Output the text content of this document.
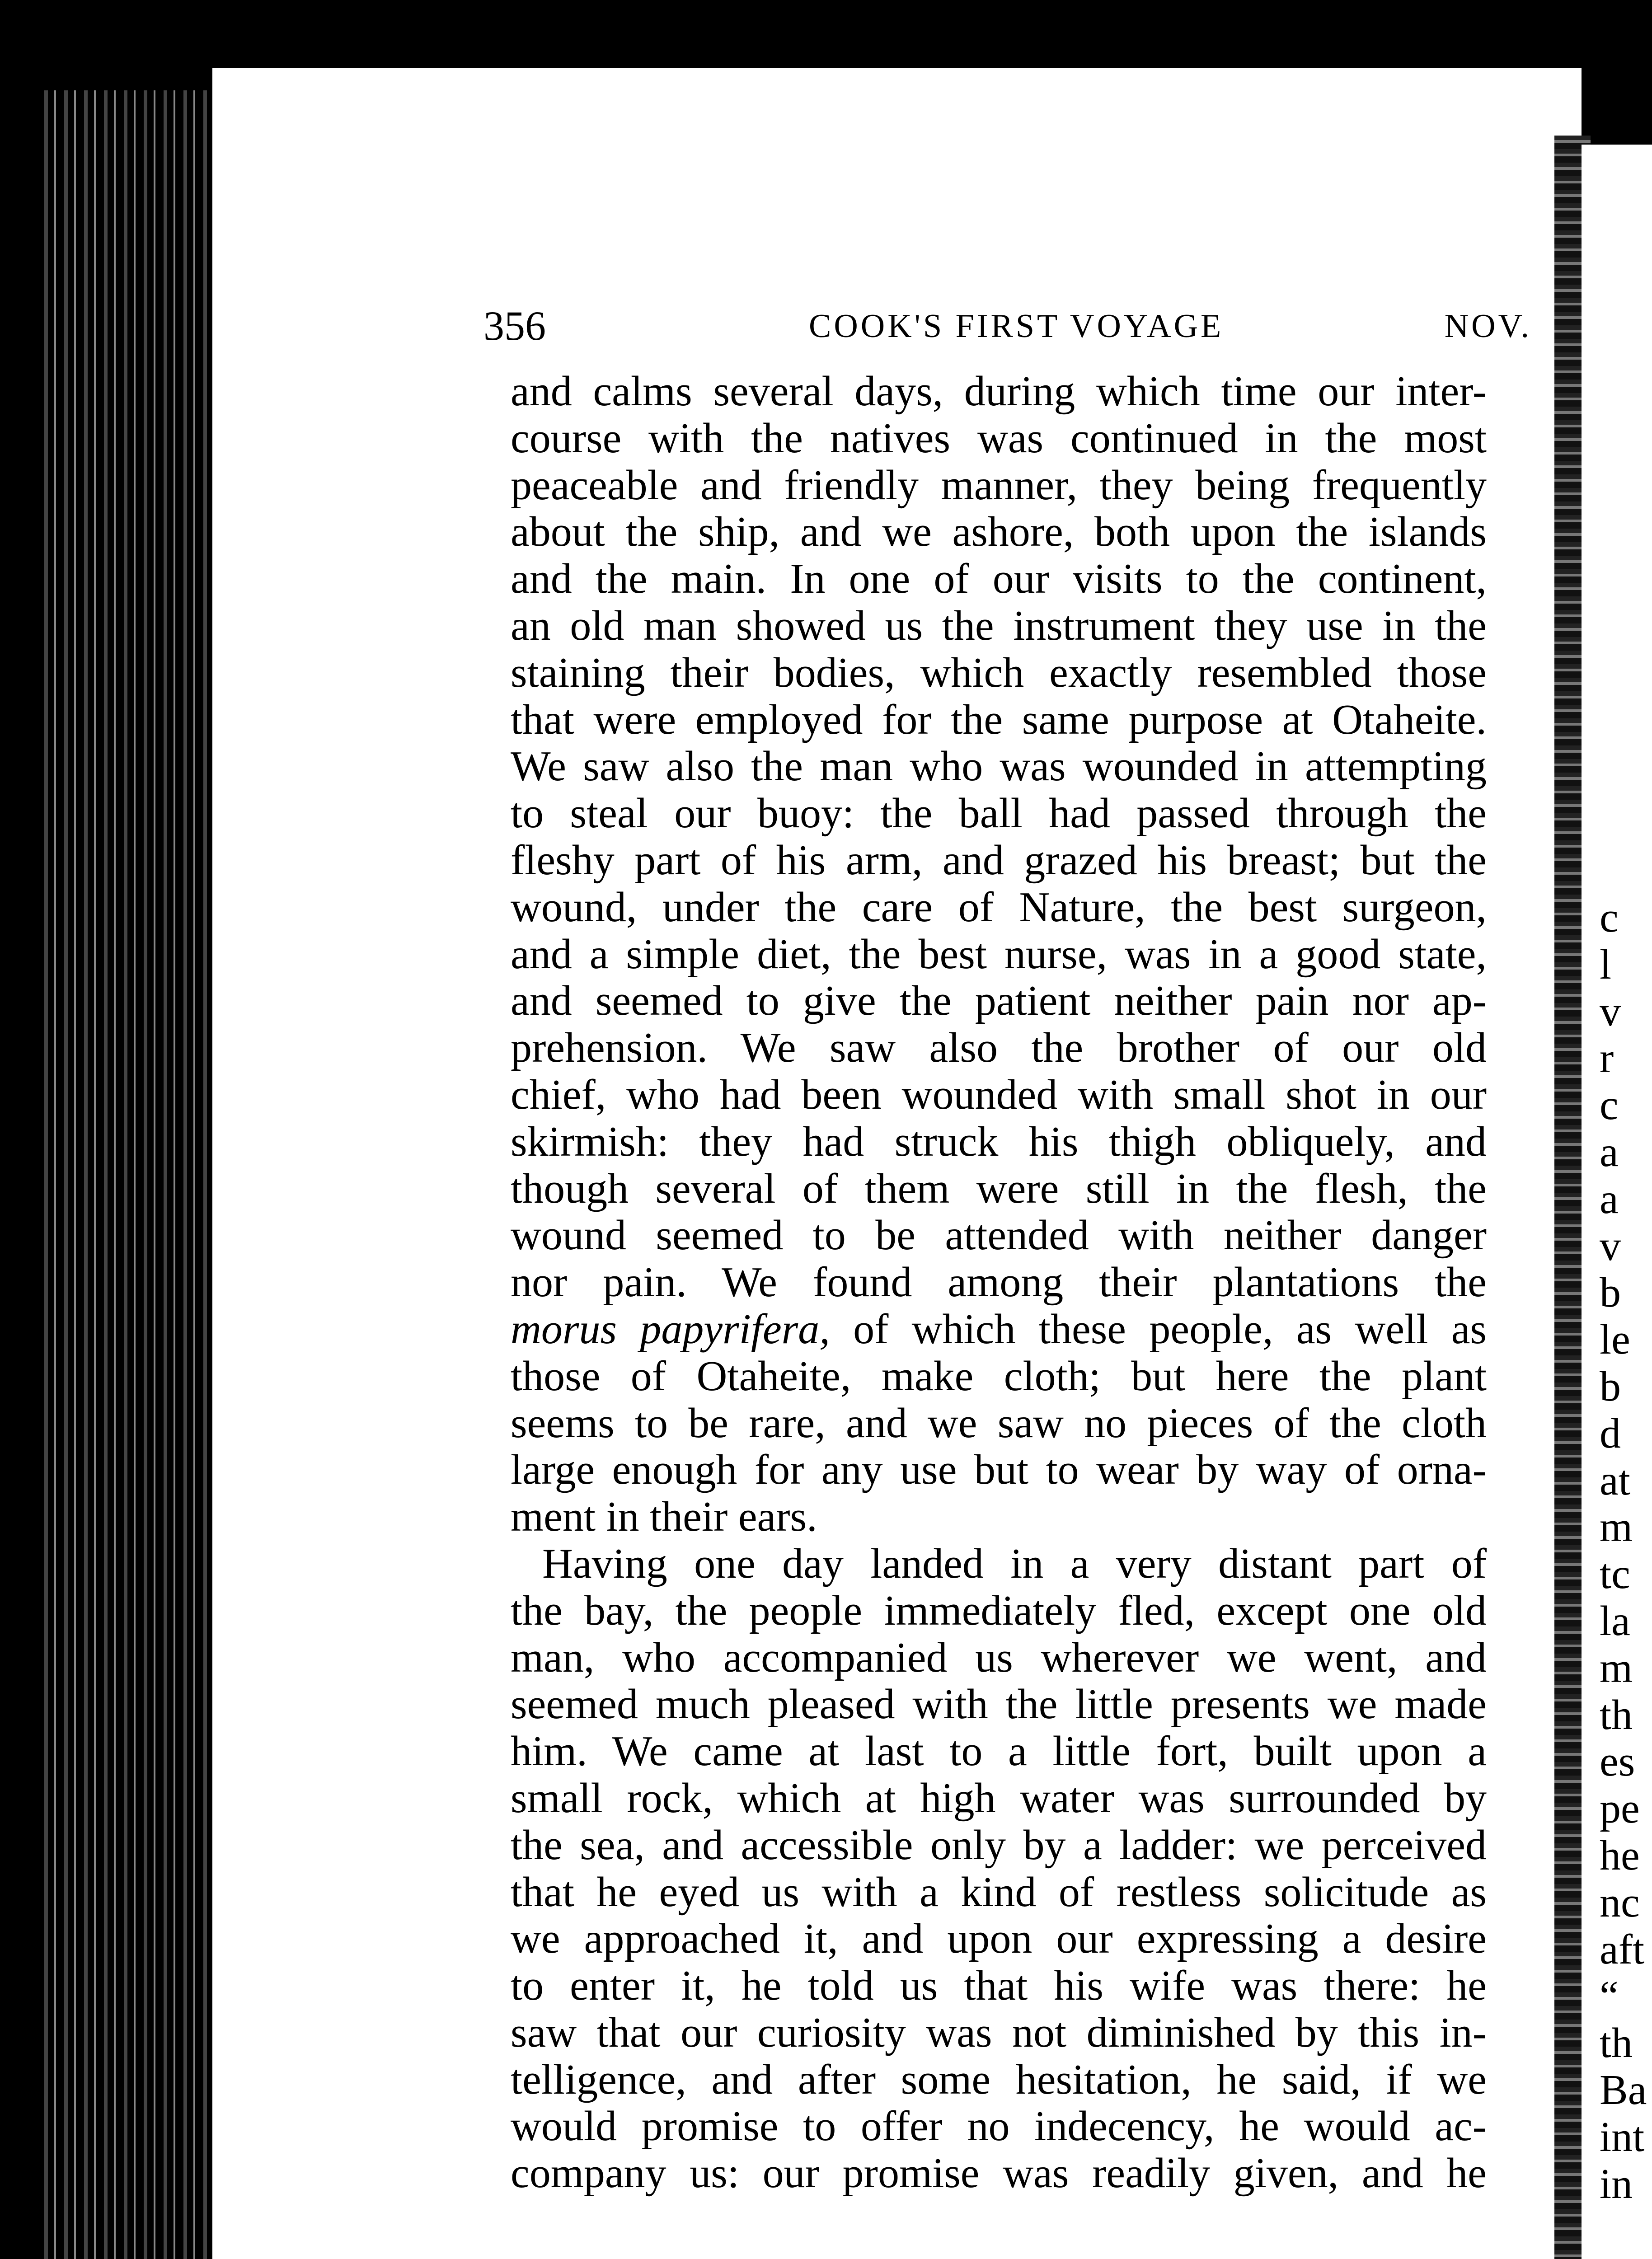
356	COOK'S FIRST VOYAGE	NOV.
and calms several days, during which time our inter-
course with the natives was continued in the most
peaceable and friendly manner, they being frequently
about the ship, and we ashore, both upon the islands
and the main. In one of our visits to the continent,
an old man showed us the instrument they use in the
staining their bodies, which exactly resembled those
that were employed for the same purpose at Otaheite.
We saw also the man who was wounded in attempting
to steal our buoy: the ball had passed through the
fleshy part of his arm, and grazed his breast; but the
wound, under the care of Nature, the best surgeon,
and a simple diet, the best nurse, was in a good state,
and seemed to give the patient neither pain nor ap-
prehension. We saw also the brother of our old
chief, who had been wounded with small shot in our
skirmish: they had struck his thigh obliquely, and
though several of them were still in the flesh, the
wound seemed to be attended with neither danger
nor pain. We found among their plantations the
morus papyrifera, of which these people, as well as
those of Otaheite, make cloth; but here the plant
seems to be rare, and we saw no pieces of the cloth
large enough for any use but to wear by way of orna-
ment in their ears.
Having one day landed in a very distant part of
the bay, the people immediately fled, except one old
man, who accompanied us wherever we went, and
seemed much pleased with the little presents we made
him. We came at last to a little fort, built upon a
small rock, which at high water was surrounded by
the sea, and accessible only by a ladder: we perceived
that he eyed us with a kind of restless solicitude as
we approached it, and upon our expressing a desire
to enter it, he told us that his wife was there: he
saw that our curiosity was not diminished by this in-
telligence, and after some hesitation, he said, if we
would promise to offer no indecency, he would ac-
company us: our promise was readily given, and he
c
l
v
r
c
a
a
v
b
le
b
d
at
m
tc
la
m
th
es
pe
he
nc
aft
“
th
Ba
int
in
